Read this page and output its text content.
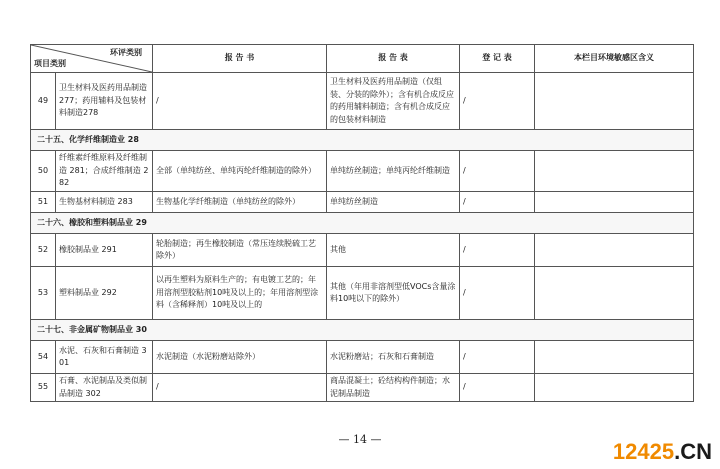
环评类别
项目类别		报 告 书	报 告 表	登 记 表	本栏目环境敏感区含义
49	卫生材料及医药用品制造 277；药用辅料及包装材料制造278	/	卫生材料及医药用品制造（仅组装、分装的除外）；含有机合成反应的药用辅料制造；含有机合成反应的包装材料制造	/	
二十五、化学纤维制造业 28					
50	纤维素纤维原料及纤维制造 281；合成纤维制造 282	全部（单纯纺丝、单纯丙纶纤维制造的除外）	单纯纺丝制造；单纯丙纶纤维制造	/	
51	生物基材料制造 283	生物基化学纤维制造（单纯纺丝的除外）	单纯纺丝制造	/	
二十六、橡胶和塑料制品业 29					
52	橡胶制品业 291	轮胎制造；再生橡胶制造（常压连续脱硫工艺除外）	其他	/	
53	塑料制品业 292	以再生塑料为原料生产的；有电镀工艺的；年用溶剂型胶粘剂10吨及以上的；年用溶剂型涂料（含稀释剂）10吨及以上的	其他（年用非溶剂型低VOCs含量涂料10吨以下的除外）	/	
二十七、非金属矿物制品业 30					
54	水泥、石灰和石膏制造 301	水泥制造（水泥粉磨站除外）	水泥粉磨站；石灰和石膏制造	/	
55	石膏、水泥制品及类似制品制造 302	/	商品混凝土；砼结构构件制造；水泥制品制造	/	
— 14 —	12425.CN
